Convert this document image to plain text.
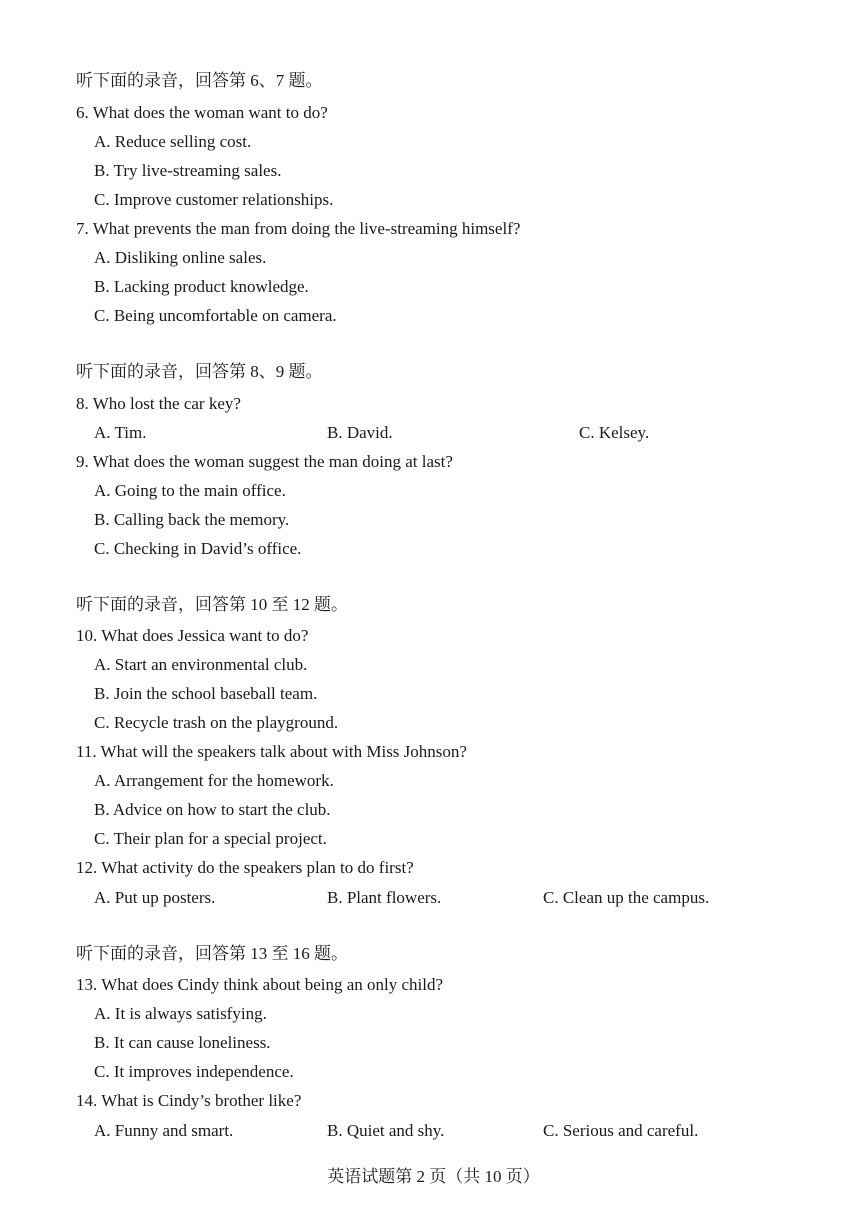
听下面的录音，回答第 6、7 题。
6. What does the woman want to do?
A. Reduce selling cost.
B. Try live-streaming sales.
C. Improve customer relationships.
7. What prevents the man from doing the live-streaming himself?
A. Disliking online sales.
B. Lacking product knowledge.
C. Being uncomfortable on camera.
听下面的录音，回答第 8、9 题。
8. Who lost the car key?
A. Tim.	B. David.	C. Kelsey.
9. What does the woman suggest the man doing at last?
A. Going to the main office.
B. Calling back the memory.
C. Checking in David’s office.
听下面的录音，回答第 10 至 12 题。
10. What does Jessica want to do?
A. Start an environmental club.
B. Join the school baseball team.
C. Recycle trash on the playground.
11. What will the speakers talk about with Miss Johnson?
A. Arrangement for the homework.
B. Advice on how to start the club.
C. Their plan for a special project.
12. What activity do the speakers plan to do first?
A. Put up posters.	B. Plant flowers.	C. Clean up the campus.
听下面的录音，回答第 13 至 16 题。
13. What does Cindy think about being an only child?
A. It is always satisfying.
B. It can cause loneliness.
C. It improves independence.
14. What is Cindy’s brother like?
A. Funny and smart.	B. Quiet and shy.	C. Serious and careful.
英语试题第 2 页（共 10 页）
